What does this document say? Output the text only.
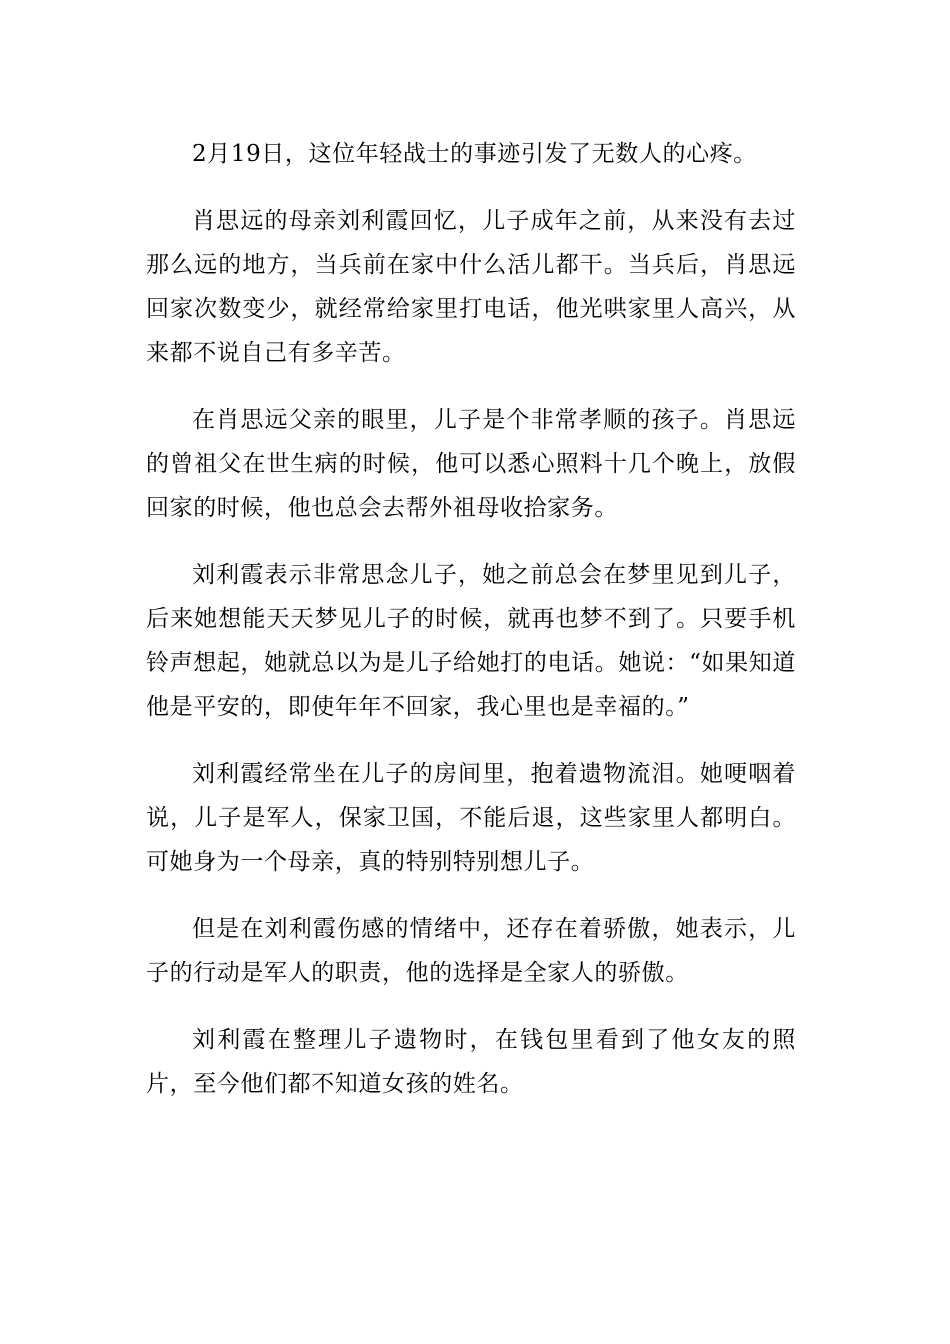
2月19日，这位年轻战士的事迹引发了无数人的心疼。

肖思远的母亲刘利霞回忆，儿子成年之前，从来没有去过那么远的地方，当兵前在家中什么活儿都干。当兵后，肖思远回家次数变少，就经常给家里打电话，他光哄家里人高兴，从来都不说自己有多辛苦。

在肖思远父亲的眼里，儿子是个非常孝顺的孩子。肖思远的曾祖父在世生病的时候，他可以悉心照料十几个晚上，放假回家的时候，他也总会去帮外祖母收拾家务。

刘利霞表示非常思念儿子，她之前总会在梦里见到儿子，后来她想能天天梦见儿子的时候，就再也梦不到了。只要手机铃声想起，她就总以为是儿子给她打的电话。她说：“如果知道他是平安的，即使年年不回家，我心里也是幸福的。”

刘利霞经常坐在儿子的房间里，抱着遗物流泪。她哽咽着说，儿子是军人，保家卫国，不能后退，这些家里人都明白。可她身为一个母亲，真的特别特别想儿子。

但是在刘利霞伤感的情绪中，还存在着骄傲，她表示，儿子的行动是军人的职责，他的选择是全家人的骄傲。

刘利霞在整理儿子遗物时，在钱包里看到了他女友的照片，至今他们都不知道女孩的姓名。
